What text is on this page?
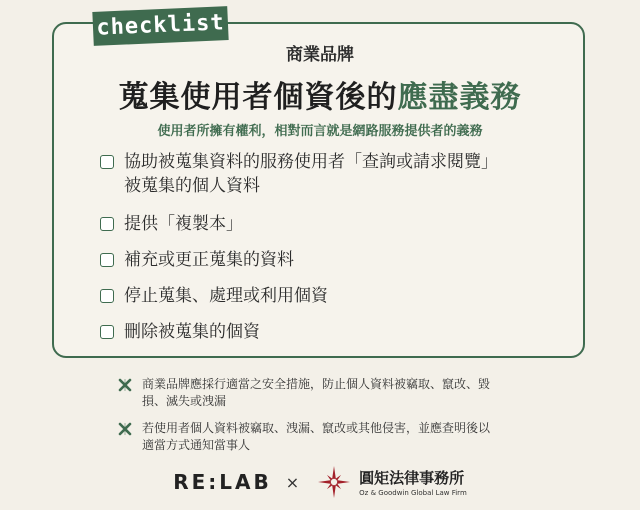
checklist
商業品牌
蒐集使用者個資後的應盡義務
使用者所擁有權利，相對而言就是網路服務提供者的義務
協助被蒐集資料的服務使用者「查詢或請求閱覽」
被蒐集的個人資料
提供「複製本」
補充或更正蒐集的資料
停止蒐集、處理或利用個資
刪除被蒐集的個資
商業品牌應採行適當之安全措施，防止個人資料被竊取、竄改、毀
損、滅失或洩漏
若使用者個人資料被竊取、洩漏、竄改或其他侵害，並應查明後以
適當方式通知當事人
RE:LAB ×	圓矩法律事務所
Oz & Goodwin Global Law Firm
